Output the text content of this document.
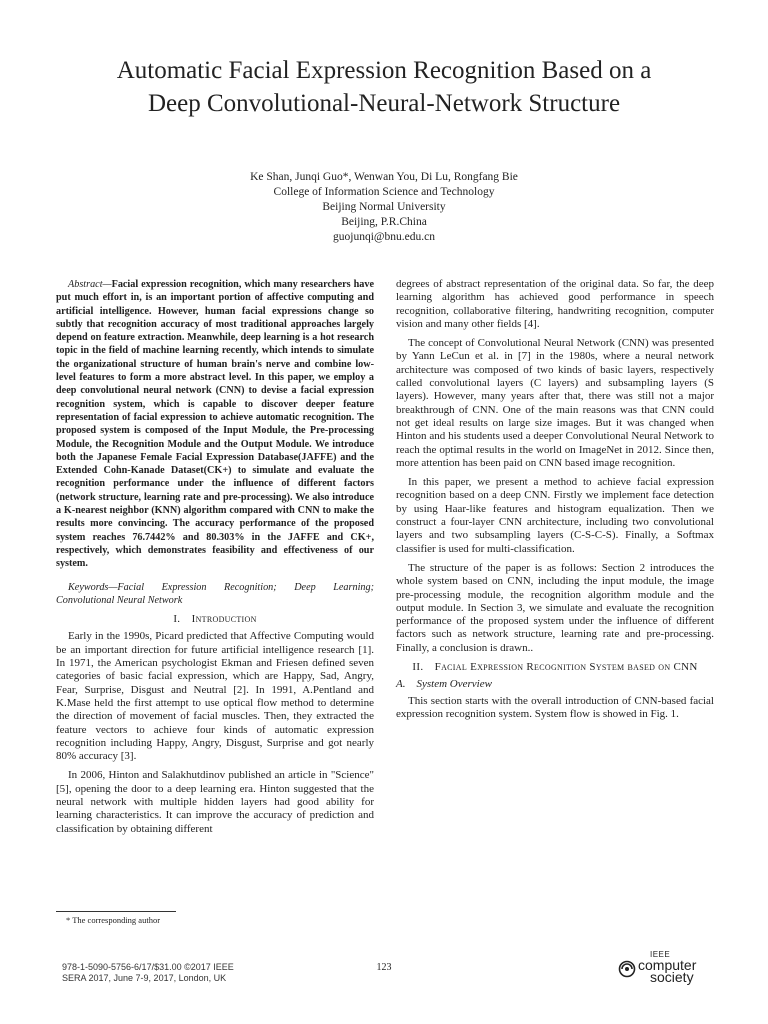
Automatic Facial Expression Recognition Based on a
Deep Convolutional-Neural-Network Structure
Ke Shan, Junqi Guo*, Wenwan You, Di Lu, Rongfang Bie
College of Information Science and Technology
Beijing Normal University
Beijing, P.R.China
guojunqi@bnu.edu.cn

Abstract—Facial expression recognition, which many researchers have put much effort in, is an important portion of affective computing and artificial intelligence. However, human facial expressions change so subtly that recognition accuracy of most traditional approaches largely depend on feature extraction. Meanwhile, deep learning is a hot research topic in the field of machine learning recently, which intends to simulate the organizational structure of human brain's nerve and combine low-level features to form a more abstract level. In this paper, we employ a deep convolutional neural network (CNN) to devise a facial expression recognition system, which is capable to discover deeper feature representation of facial expression to achieve automatic recognition. The proposed system is composed of the Input Module, the Pre-processing Module, the Recognition Module and the Output Module. We introduce both the Japanese Female Facial Expression Database(JAFFE) and the Extended Cohn-Kanade Dataset(CK+) to simulate and evaluate the recognition performance under the influence of different factors (network structure, learning rate and pre-processing). We also introduce a K-nearest neighbor (KNN) algorithm compared with CNN to make the results more convincing. The accuracy performance of the proposed system reaches 76.7442% and 80.303% in the JAFFE and CK+, respectively, which demonstrates feasibility and effectiveness of our system.

Keywords—Facial Expression Recognition; Deep Learning; Convolutional Neural Network

I. Introduction

Early in the 1990s, Picard predicted that Affective Computing would be an important direction for future artificial intelligence research [1]. In 1971, the American psychologist Ekman and Friesen defined seven categories of basic facial expression, which are Happy, Sad, Angry, Fear, Surprise, Disgust and Neutral [2]. In 1991, A.Pentland and K.Mase held the first attempt to use optical flow method to determine the direction of movement of facial muscles. Then, they extracted the feature vectors to achieve four kinds of automatic expression recognition including Happy, Angry, Disgust, Surprise and got nearly 80% accuracy [3].

In 2006, Hinton and Salakhutdinov published an article in "Science" [5], opening the door to a deep learning era. Hinton suggested that the neural network with multiple hidden layers had good ability for learning characteristics. It can improve the accuracy of prediction and classification by obtaining different

degrees of abstract representation of the original data. So far, the deep learning algorithm has achieved good performance in speech recognition, collaborative filtering, handwriting recognition, computer vision and many other fields [4].

The concept of Convolutional Neural Network (CNN) was presented by Yann LeCun et al. in [7] in the 1980s, where a neural network architecture was composed of two kinds of basic layers, respectively called convolutional layers (C layers) and subsampling layers (S layers). However, many years after that, there was still not a major breakthrough of CNN. One of the main reasons was that CNN could not get ideal results on large size images. But it was changed when Hinton and his students used a deeper Convolutional Neural Network to reach the optimal results in the world on ImageNet in 2012. Since then, more attention has been paid on CNN based image recognition.

In this paper, we present a method to achieve facial expression recognition based on a deep CNN. Firstly we implement face detection by using Haar-like features and histogram equalization. Then we construct a four-layer CNN architecture, including two convolutional layers and two subsampling layers (C-S-C-S). Finally, a Softmax classifier is used for multi-classification.

The structure of the paper is as follows: Section 2 introduces the whole system based on CNN, including the input module, the image pre-processing module, the recognition algorithm module and the output module. In Section 3, we simulate and evaluate the recognition performance of the proposed system under the influence of different factors such as network structure, learning rate and pre-processing. Finally, a conclusion is drawn..

II. Facial Expression Recognition System based on CNN
A. System Overview

This section starts with the overall introduction of CNN-based facial expression recognition system. System flow is showed in Fig. 1.

* The corresponding author
978-1-5090-5756-6/17/$31.00 ©2017 IEEE
SERA 2017, June 7-9, 2017, London, UK
123
IEEE
computer
society
